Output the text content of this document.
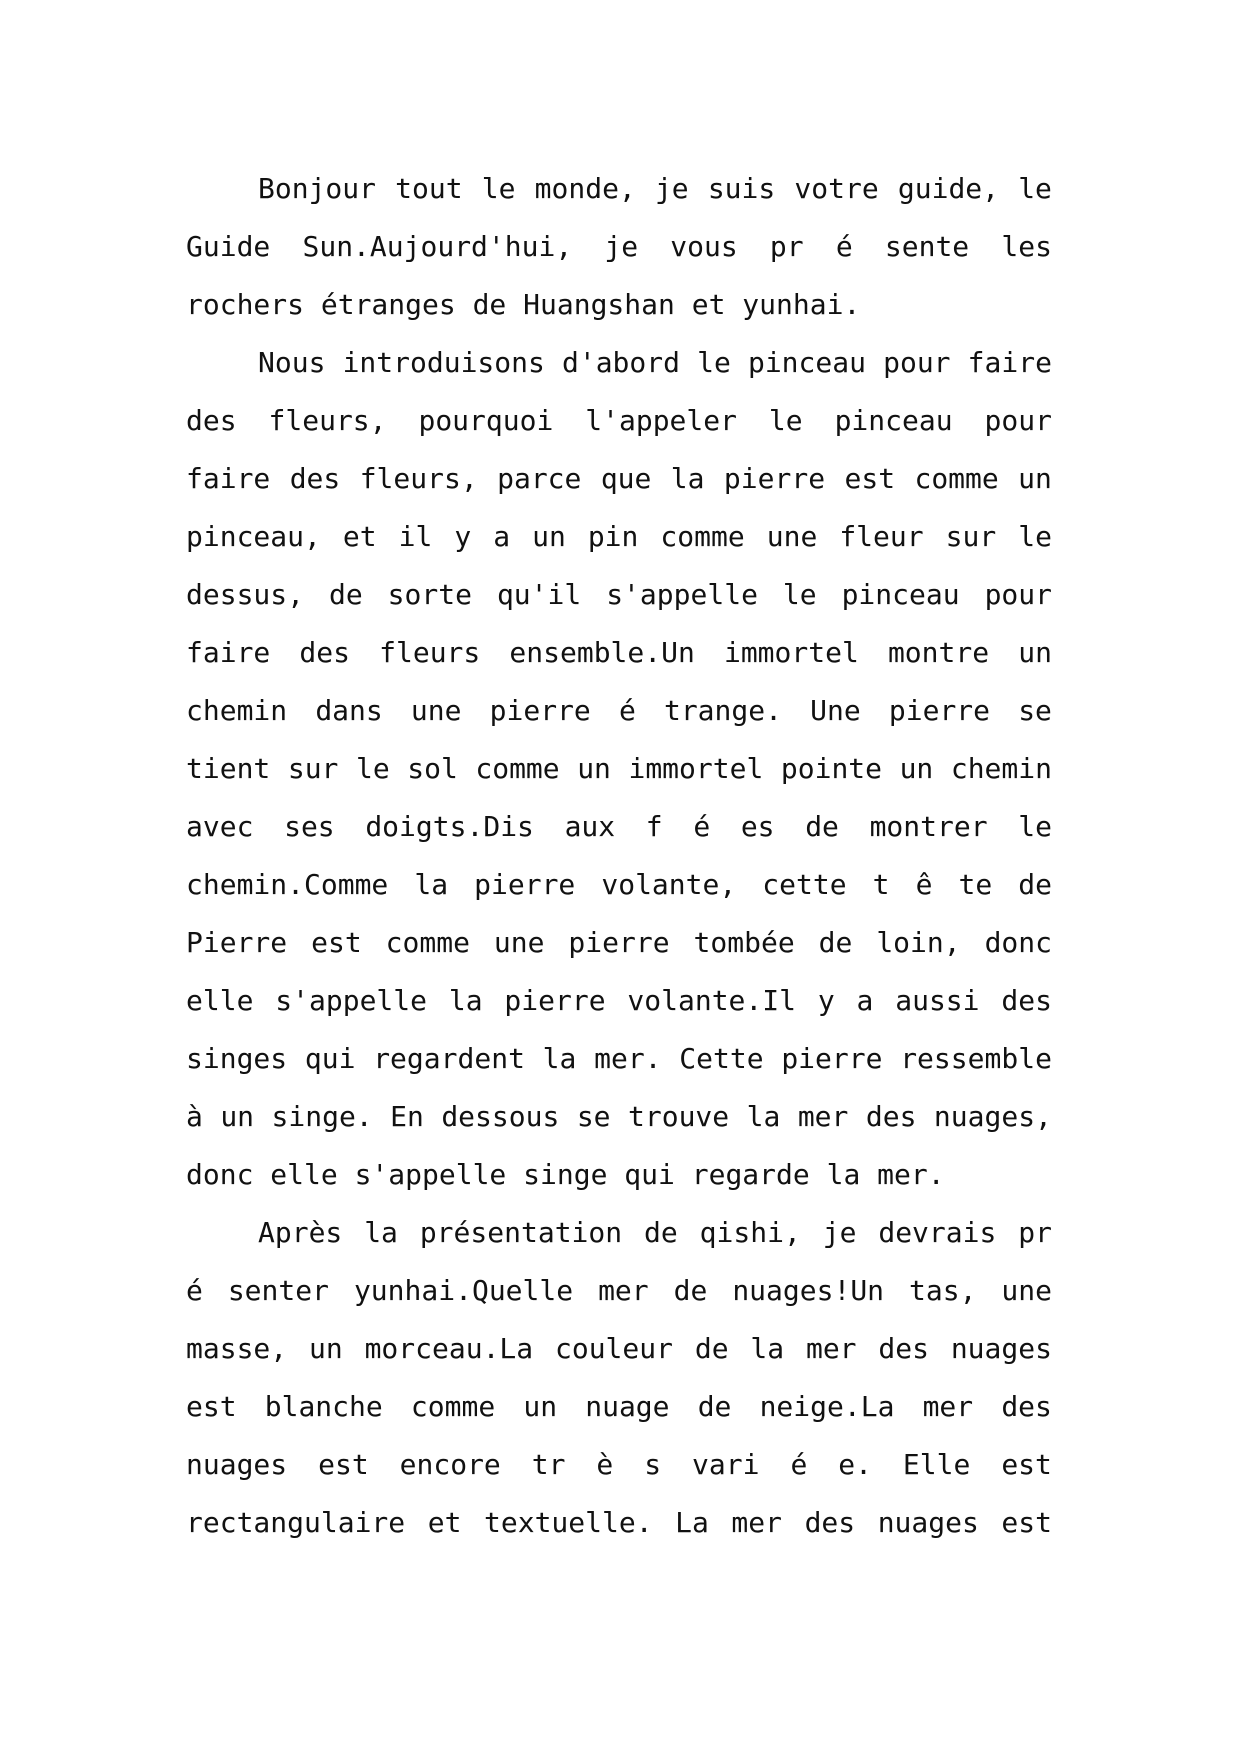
Bonjour tout le monde, je suis votre guide, le
Guide Sun.Aujourd'hui, je vous pr é sente les
rochers étranges de Huangshan et yunhai.
Nous introduisons d'abord le pinceau pour faire
des fleurs, pourquoi l'appeler le pinceau pour
faire des fleurs, parce que la pierre est comme un
pinceau, et il y a un pin comme une fleur sur le
dessus, de sorte qu'il s'appelle le pinceau pour
faire des fleurs ensemble.Un immortel montre un
chemin dans une pierre é trange. Une pierre se
tient sur le sol comme un immortel pointe un chemin
avec ses doigts.Dis aux f é es de montrer le
chemin.Comme la pierre volante, cette t ê te de
Pierre est comme une pierre tombée de loin, donc
elle s'appelle la pierre volante.Il y a aussi des
singes qui regardent la mer. Cette pierre ressemble
à un singe. En dessous se trouve la mer des nuages,
donc elle s'appelle singe qui regarde la mer.
Après la présentation de qishi, je devrais pr
é senter yunhai.Quelle mer de nuages!Un tas, une
masse, un morceau.La couleur de la mer des nuages
est blanche comme un nuage de neige.La mer des
nuages est encore tr è s vari é e. Elle est
rectangulaire et textuelle. La mer des nuages est
